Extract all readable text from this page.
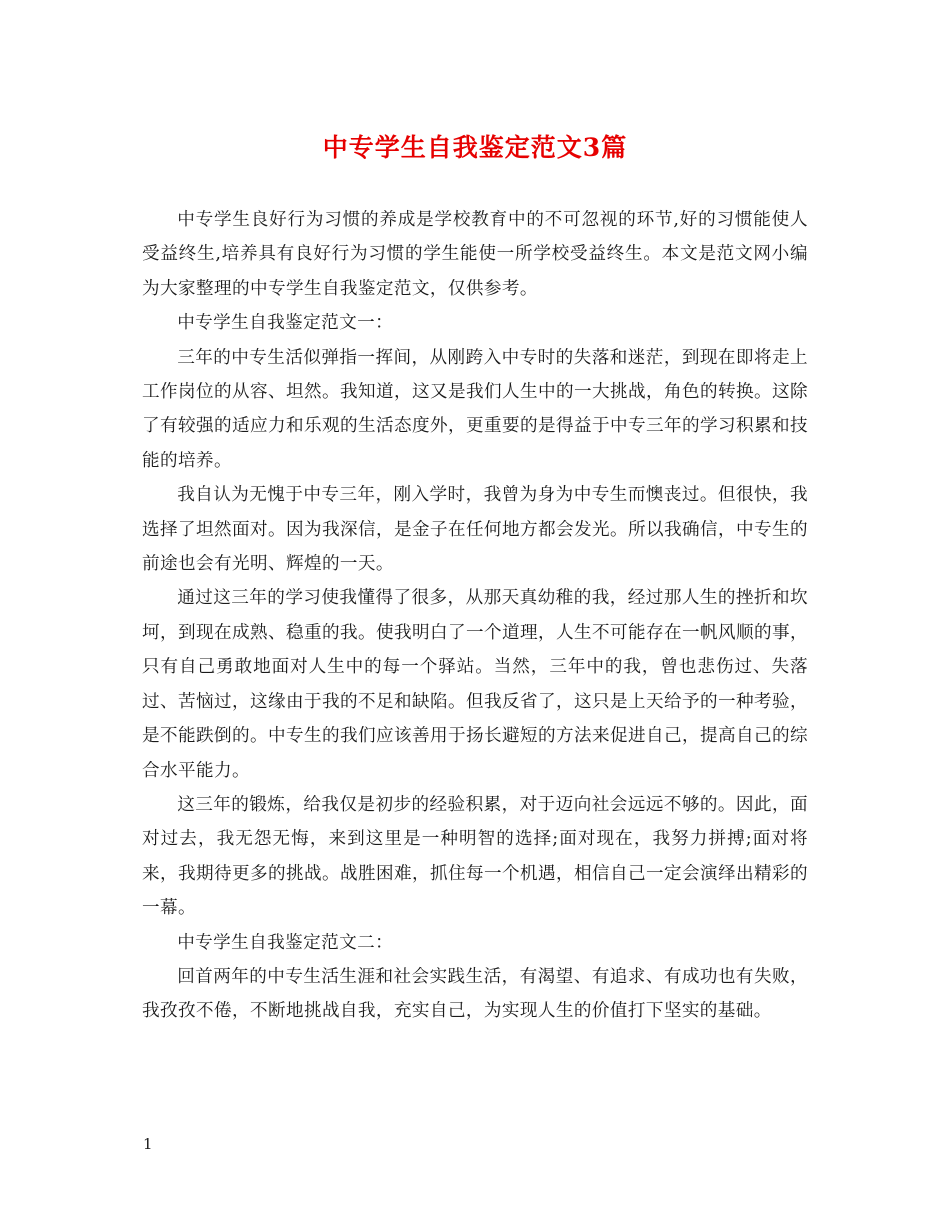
中专学生自我鉴定范文3篇

中专学生良好行为习惯的养成是学校教育中的不可忽视的环节,好的习惯能使人受益终生,培养具有良好行为习惯的学生能使一所学校受益终生。本文是范文网小编为大家整理的中专学生自我鉴定范文，仅供参考。

中专学生自我鉴定范文一：

三年的中专生活似弹指一挥间，从刚跨入中专时的失落和迷茫，到现在即将走上工作岗位的从容、坦然。我知道，这又是我们人生中的一大挑战，角色的转换。这除了有较强的适应力和乐观的生活态度外，更重要的是得益于中专三年的学习积累和技能的培养。

我自认为无愧于中专三年，刚入学时，我曾为身为中专生而懊丧过。但很快，我选择了坦然面对。因为我深信，是金子在任何地方都会发光。所以我确信，中专生的前途也会有光明、辉煌的一天。

通过这三年的学习使我懂得了很多，从那天真幼稚的我，经过那人生的挫折和坎坷，到现在成熟、稳重的我。使我明白了一个道理，人生不可能存在一帆风顺的事，只有自己勇敢地面对人生中的每一个驿站。当然，三年中的我，曾也悲伤过、失落过、苦恼过，这缘由于我的不足和缺陷。但我反省了，这只是上天给予的一种考验，是不能跌倒的。中专生的我们应该善用于扬长避短的方法来促进自己，提高自己的综合水平能力。

这三年的锻炼，给我仅是初步的经验积累，对于迈向社会远远不够的。因此，面对过去，我无怨无悔，来到这里是一种明智的选择;面对现在，我努力拼搏;面对将来，我期待更多的挑战。战胜困难，抓住每一个机遇，相信自己一定会演绎出精彩的一幕。

中专学生自我鉴定范文二：

回首两年的中专生活生涯和社会实践生活，有渴望、有追求、有成功也有失败，我孜孜不倦，不断地挑战自我，充实自己，为实现人生的价值打下坚实的基础。

1
